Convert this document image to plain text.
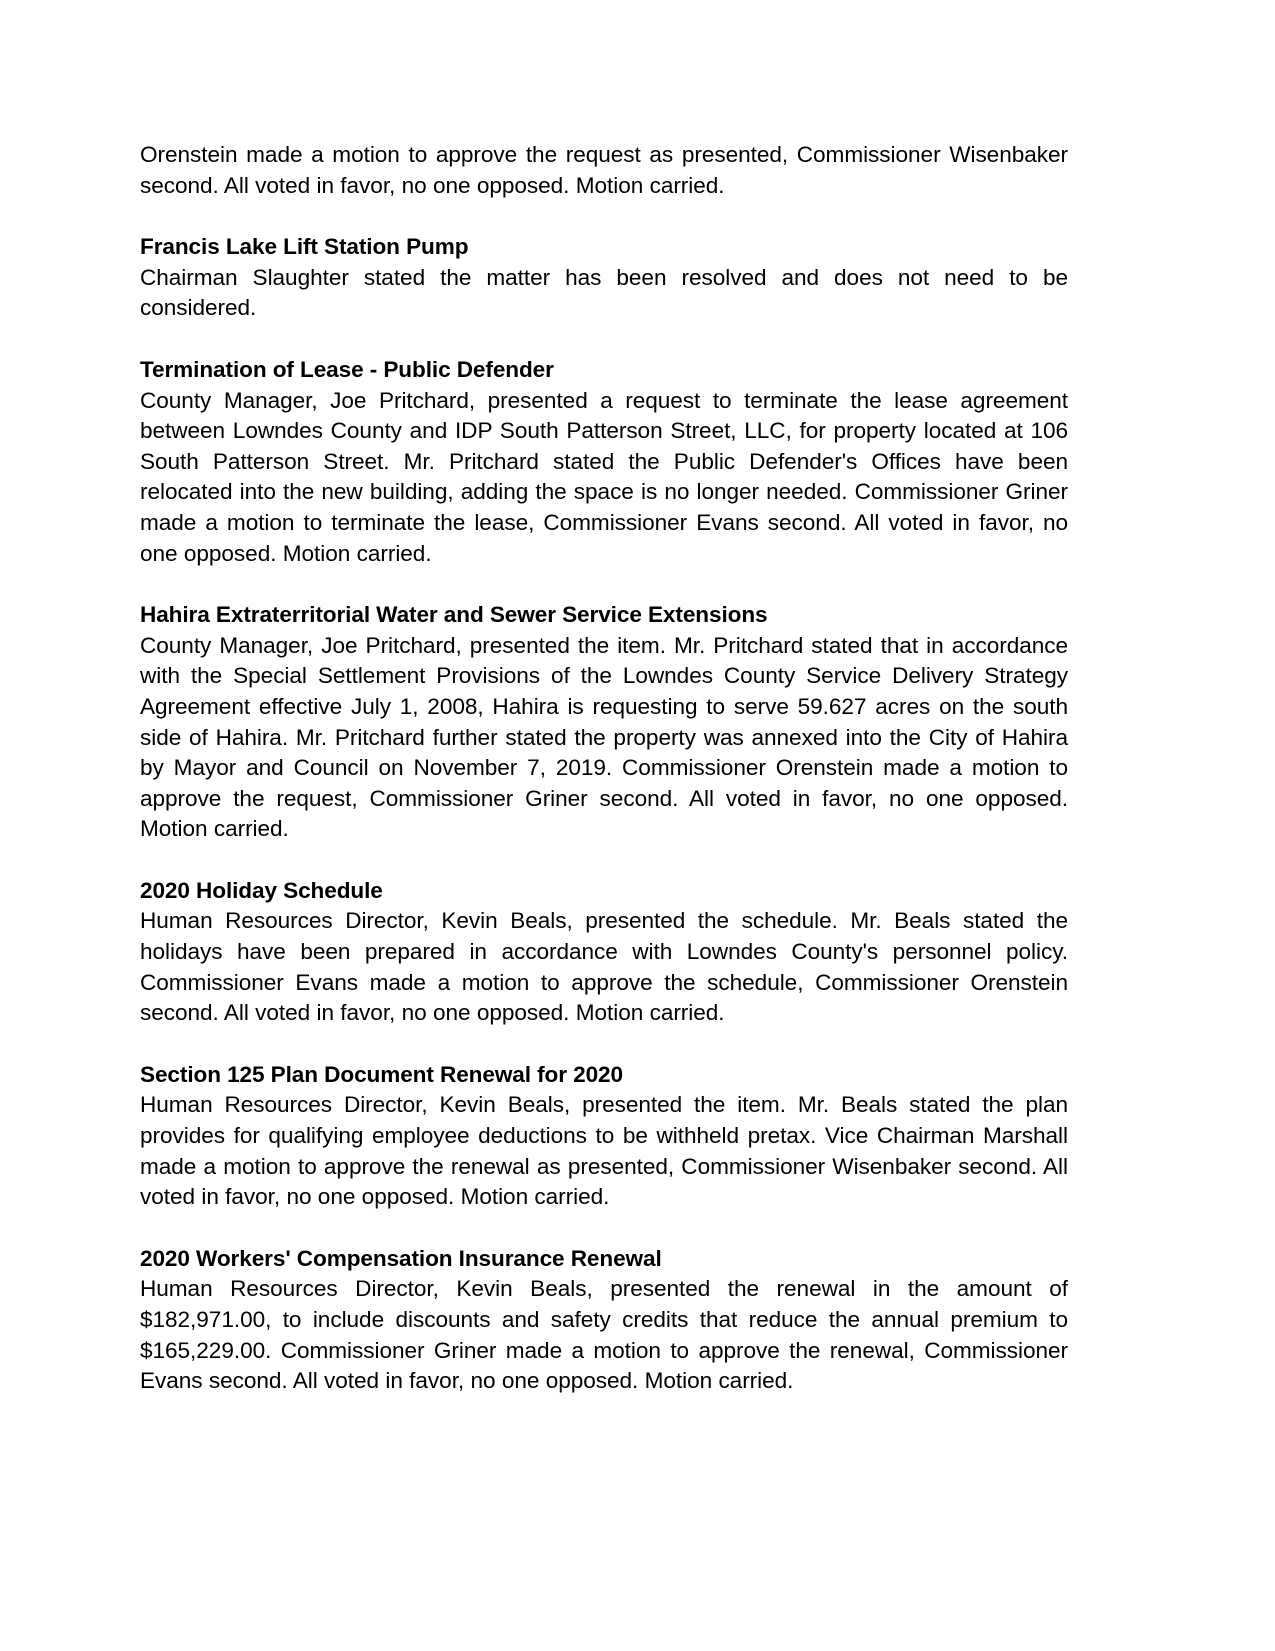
Orenstein made a motion to approve the request as presented, Commissioner Wisenbaker second. All voted in favor, no one opposed. Motion carried.

Francis Lake Lift Station Pump

Chairman Slaughter stated the matter has been resolved and does not need to be considered.

Termination of Lease - Public Defender

County Manager, Joe Pritchard, presented a request to terminate the lease agreement between Lowndes County and IDP South Patterson Street, LLC, for property located at 106 South Patterson Street. Mr. Pritchard stated the Public Defender's Offices have been relocated into the new building, adding the space is no longer needed. Commissioner Griner made a motion to terminate the lease, Commissioner Evans second. All voted in favor, no one opposed. Motion carried.

Hahira Extraterritorial Water and Sewer Service Extensions

County Manager, Joe Pritchard, presented the item. Mr. Pritchard stated that in accordance with the Special Settlement Provisions of the Lowndes County Service Delivery Strategy Agreement effective July 1, 2008, Hahira is requesting to serve 59.627 acres on the south side of Hahira. Mr. Pritchard further stated the property was annexed into the City of Hahira by Mayor and Council on November 7, 2019. Commissioner Orenstein made a motion to approve the request, Commissioner Griner second. All voted in favor, no one opposed. Motion carried.

2020 Holiday Schedule

Human Resources Director, Kevin Beals, presented the schedule. Mr. Beals stated the holidays have been prepared in accordance with Lowndes County's personnel policy. Commissioner Evans made a motion to approve the schedule, Commissioner Orenstein second. All voted in favor, no one opposed. Motion carried.

Section 125 Plan Document Renewal for 2020

Human Resources Director, Kevin Beals, presented the item. Mr. Beals stated the plan provides for qualifying employee deductions to be withheld pretax. Vice Chairman Marshall made a motion to approve the renewal as presented, Commissioner Wisenbaker second. All voted in favor, no one opposed. Motion carried.

2020 Workers' Compensation Insurance Renewal

Human Resources Director, Kevin Beals, presented the renewal in the amount of $182,971.00, to include discounts and safety credits that reduce the annual premium to $165,229.00. Commissioner Griner made a motion to approve the renewal, Commissioner Evans second. All voted in favor, no one opposed. Motion carried.
